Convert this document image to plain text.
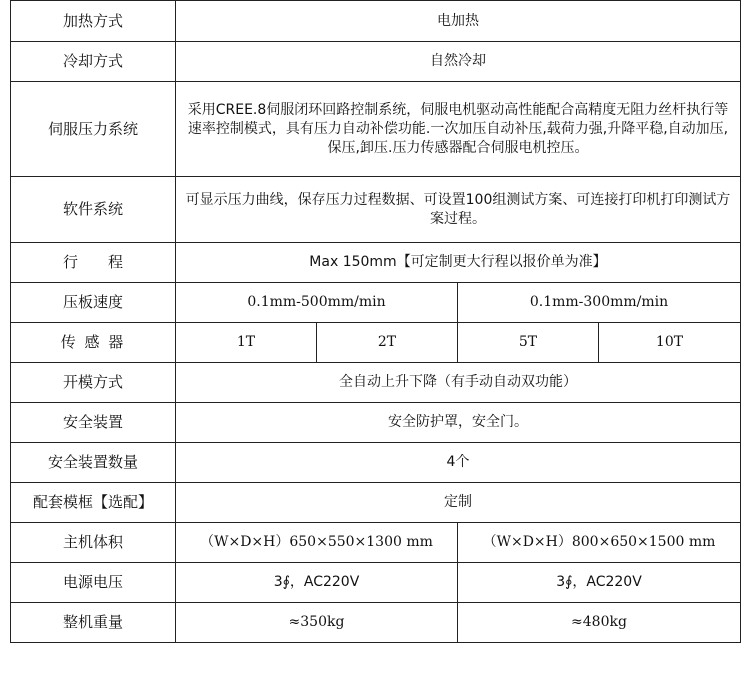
加热方式	电加热			
冷却方式	自然冷却			
伺服压力系统	采用CREE.8伺服闭环回路控制系统，伺服电机驱动高性能配合高精度无阻力丝杆执行等速率控制模式，具有压力自动补偿功能.一次加压自动补压,载荷力强,升降平稳,自动加压,保压,卸压.压力传感器配合伺服电机控压。			
软件系统	可显示压力曲线，保存压力过程数据、可设置100组测试方案、可连接打印机打印测试方案过程。			
行　　程	Max 150mm【可定制更大行程以报价单为准】			
压板速度	0.1mm-500mm/min		0.1mm-300mm/min	
传 感 器	1T	2T	5T	10T
开模方式	全自动上升下降（有手动自动双功能）			
安全装置	安全防护罩，安全门。			
安全装置数量	4个			
配套模框【选配】	定制			
主机体积	（W×D×H）650×550×1300 mm		（W×D×H）800×650×1500 mm	
电源电压	3∮，AC220V		3∮，AC220V	
整机重量	≈350kg		≈480kg	
